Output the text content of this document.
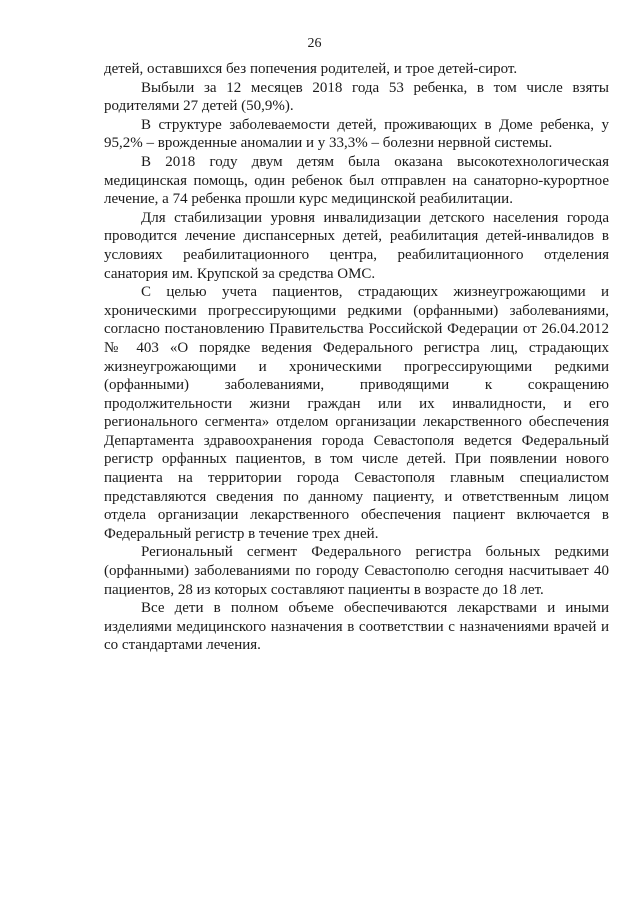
26

детей, оставшихся без попечения родителей, и трое детей-сирот.

Выбыли за 12 месяцев 2018 года 53 ребенка, в том числе взяты родителями 27 детей (50,9%).

В структуре заболеваемости детей, проживающих в Доме ребенка, у 95,2% – врожденные аномалии и у 33,3% – болезни нервной системы.

В 2018 году двум детям была оказана высокотехнологическая медицинская помощь, один ребенок был отправлен на санаторно-курортное лечение, а 74 ребенка прошли курс медицинской реабилитации.

Для стабилизации уровня инвалидизации детского населения города проводится лечение диспансерных детей, реабилитация детей-инвалидов в условиях реабилитационного центра, реабилитационного отделения санатория им. Крупской за средства ОМС.

С целью учета пациентов, страдающих жизнеугрожающими и хроническими прогрессирующими редкими (орфанными) заболеваниями, согласно постановлению Правительства Российской Федерации от 26.04.2012 № 403 «О порядке ведения Федерального регистра лиц, страдающих жизнеугрожающими и хроническими прогрессирующими редкими (орфанными) заболеваниями, приводящими к сокращению продолжительности жизни граждан или их инвалидности, и его регионального сегмента» отделом организации лекарственного обеспечения Департамента здравоохранения города Севастополя ведется Федеральный регистр орфанных пациентов, в том числе детей. При появлении нового пациента на территории города Севастополя главным специалистом представляются сведения по данному пациенту, и ответственным лицом отдела организации лекарственного обеспечения пациент включается в Федеральный регистр в течение трех дней.

Региональный сегмент Федерального регистра больных редкими (орфанными) заболеваниями по городу Севастополю сегодня насчитывает 40 пациентов, 28 из которых составляют пациенты в возрасте до 18 лет.

Все дети в полном объеме обеспечиваются лекарствами и иными изделиями медицинского назначения в соответствии с назначениями врачей и со стандартами лечения.
